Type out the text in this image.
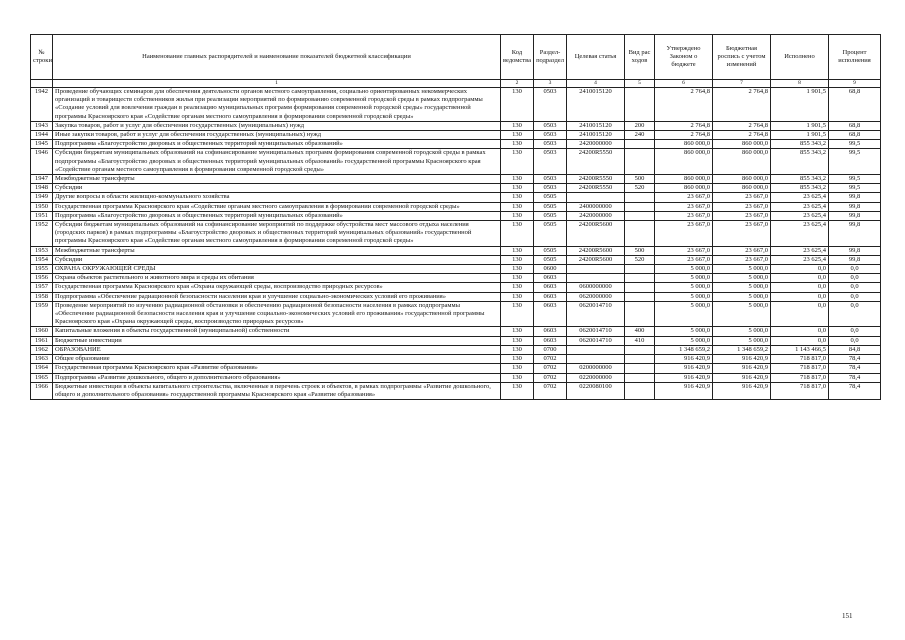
№ строки	Наименование главных распорядителей и наименование показателей бюджетной классификации	Код ведомства	Раздел-подраздел	Целевая статья	Вид рас ходов	Утверждено Законом о бюджете	Бюджетная роспись с учетом изменений	Исполнено	Процент исполнения
	1	2	3	4	5	6	7	8	9
1942	Проведение обучающих семинаров для обеспечения деятельности органов местного самоуправления, социально ориентированных некоммерческих организаций и товариществ собственников жилья при реализации мероприятий по формированию современной городской среды в рамках подпрограммы «Создание условий для вовлечения граждан в реализацию муниципальных программ формирования современной городской среды» государственной программы Красноярского края «Содействие органам местного самоуправления в формировании современной городской среды»	130	0503	2410015120		2 764,8	2 764,8	1 901,5	68,8
1943	Закупка товаров, работ и услуг для обеспечения государственных (муниципальных) нужд	130	0503	2410015120	200	2 764,8	2 764,8	1 901,5	68,8
1944	Иные закупки товаров, работ и услуг для обеспечения государственных (муниципальных) нужд	130	0503	2410015120	240	2 764,8	2 764,8	1 901,5	68,8
1945	Подпрограмма «Благоустройство дворовых и общественных территорий муниципальных образований»	130	0503	2420000000		860 000,0	860 000,0	855 343,2	99,5
1946	Субсидии бюджетам муниципальных образований на софинансирование муниципальных программ формирования современной городской среды в рамках подпрограммы «Благоустройство дворовых и общественных территорий муниципальных образований» государственной программы Красноярского края «Содействие органам местного самоуправления в формировании современной городской среды»	130	0503	24200R5550		860 000,0	860 000,0	855 343,2	99,5
1947	Межбюджетные трансферты	130	0503	24200R5550	500	860 000,0	860 000,0	855 343,2	99,5
1948	Субсидии	130	0503	24200R5550	520	860 000,0	860 000,0	855 343,2	99,5
1949	Другие вопросы в области жилищно-коммунального хозяйства	130	0505			23 667,0	23 667,0	23 625,4	99,8
1950	Государственная программа Красноярского края «Содействие органам местного самоуправления в формировании современной городской среды»	130	0505	2400000000		23 667,0	23 667,0	23 625,4	99,8
1951	Подпрограмма «Благоустройство дворовых и общественных территорий муниципальных образований»	130	0505	2420000000		23 667,0	23 667,0	23 625,4	99,8
1952	Субсидии бюджетам муниципальных образований на софинансирование мероприятий по поддержке обустройства мест массового отдыха населения (городских парков) в рамках подпрограммы «Благоустройство дворовых и общественных территорий муниципальных образований» государственной программы Красноярского края «Содействие органам местного самоуправления в формировании современной городской среды»	130	0505	24200R5600		23 667,0	23 667,0	23 625,4	99,8
1953	Межбюджетные трансферты	130	0505	24200R5600	500	23 667,0	23 667,0	23 625,4	99,8
1954	Субсидии	130	0505	24200R5600	520	23 667,0	23 667,0	23 625,4	99,8
1955	ОХРАНА ОКРУЖАЮЩЕЙ СРЕДЫ	130	0600			5 000,0	5 000,0	0,0	0,0
1956	Охрана объектов растительного и животного мира и среды их обитания	130	0603			5 000,0	5 000,0	0,0	0,0
1957	Государственная программа Красноярского края «Охрана окружающей среды, воспроизводство природных ресурсов»	130	0603	0600000000		5 000,0	5 000,0	0,0	0,0
1958	Подпрограмма «Обеспечение радиационной безопасности населения края и улучшение социально-экономических условий его проживания»	130	0603	0620000000		5 000,0	5 000,0	0,0	0,0
1959	Проведение мероприятий по изучению радиационной обстановки и обеспечению радиационной безопасности населения в рамках подпрограммы «Обеспечение радиационной безопасности населения края и улучшение социально-экономических условий его проживания» государственной программы Красноярского края «Охрана окружающей среды, воспроизводство природных ресурсов»	130	0603	0620014710		5 000,0	5 000,0	0,0	0,0
1960	Капитальные вложения в объекты государственной (муниципальной) собственности	130	0603	0620014710	400	5 000,0	5 000,0	0,0	0,0
1961	Бюджетные инвестиции	130	0603	0620014710	410	5 000,0	5 000,0	0,0	0,0
1962	ОБРАЗОВАНИЕ	130	0700			1 348 659,2	1 348 659,2	1 143 466,5	84,8
1963	Общее образование	130	0702			916 420,9	916 420,9	718 817,0	78,4
1964	Государственная программа Красноярского края «Развитие образования»	130	0702	0200000000		916 420,9	916 420,9	718 817,0	78,4
1965	Подпрограмма «Развитие дошкольного, общего и дополнительного образования»	130	0702	0220000000		916 420,9	916 420,9	718 817,0	78,4
1966	Бюджетные инвестиции в объекты капитального строительства, включенные в перечень строек и объектов, в рамках подпрограммы «Развитие дошкольного, общего и дополнительного образования» государственной программы Красноярского края «Развитие образования»	130	0702	0220080100		916 420,9	916 420,9	718 817,0	78,4
151
